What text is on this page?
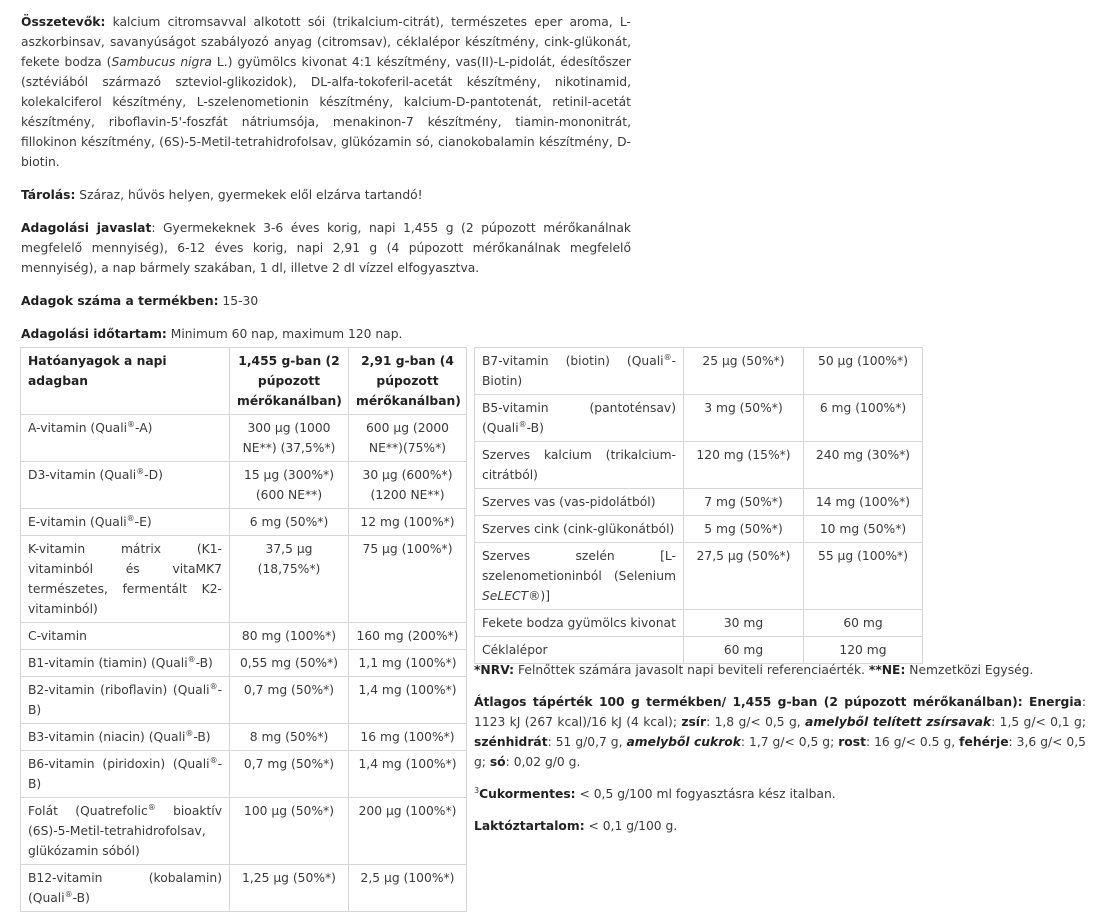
Összetevők: kalcium citromsavval alkotott sói (trikalcium-citrát), természetes eper aroma, L-aszkorbinsav, savanyúságot szabályozó anyag (citromsav), céklalépor készítmény, cink-glükonát, fekete bodza (Sambucus nigra L.) gyümölcs kivonat 4:1 készítmény, vas(II)-L-pidolát, édesítőszer (sztéviából származó szteviol-glikozidok), DL-alfa-tokoferil-acetát készítmény, nikotinamid, kolekalciferol készítmény, L-szelenometionin készítmény, kalcium-D-pantotenát, retinil-acetát készítmény, riboflavin-5'-foszfát nátriumsója, menakinon-7 készítmény, tiamin-mononitrát, fillokinon készítmény, (6S)-5-Metil-tetrahidrofolsav, glükózamin só, cianokobalamin készítmény, D-biotin.

Tárolás: Száraz, hűvös helyen, gyermekek elől elzárva tartandó!

Adagolási javaslat: Gyermekeknek 3-6 éves korig, napi 1,455 g (2 púpozott mérőkanálnak megfelelő mennyiség), 6-12 éves korig, napi 2,91 g (4 púpozott mérőkanálnak megfelelő mennyiség), a nap bármely szakában, 1 dl, illetve 2 dl vízzel elfogyasztva.

Adagok száma a termékben: 15-30

Adagolási időtartam: Minimum 60 nap, maximum 120 nap.

Hatóanyagok a napi adagban	1,455 g-ban (2 púpozott mérőkanálban)	2,91 g-ban (4 púpozott mérőkanálban)
A-vitamin (Quali®-A)	300 µg (1000 NE**) (37,5%*)	600 µg (2000 NE**)(75%*)
D3-vitamin (Quali®-D)	15 µg (300%*)(600 NE**)	30 µg (600%*) (1200 NE**)
E-vitamin (Quali®-E)	6 mg (50%*)	12 mg (100%*)
K-vitamin mátrix (K1-vitaminból és vitaMK7 természetes, fermentált K2-vitaminból)	37,5 µg (18,75%*)	75 µg (100%*)
C-vitamin	80 mg (100%*)	160 mg (200%*)
B1-vitamin (tiamin) (Quali®-B)	0,55 mg (50%*)	1,1 mg (100%*)
B2-vitamin (riboflavin) (Quali®-B)	0,7 mg (50%*)	1,4 mg (100%*)
B3-vitamin (niacin) (Quali®-B)	8 mg (50%*)	16 mg (100%*)
B6-vitamin (piridoxin) (Quali®-B)	0,7 mg (50%*)	1,4 mg (100%*)
Folát (Quatrefolic® bioaktív (6S)-5-Metil-tetrahidrofolsav, glükózamin sóból)	100 µg (50%*)	200 µg (100%*)
B12-vitamin (kobalamin) (Quali®-B)	1,25 µg (50%*)	2,5 µg (100%*)
B7-vitamin (biotin) (Quali®-Biotin)	25 µg (50%*)	50 µg (100%*)
B5-vitamin (pantoténsav) (Quali®-B)	3 mg (50%*)	6 mg (100%*)
Szerves kalcium (trikalcium-citrátból)	120 mg (15%*)	240 mg (30%*)
Szerves vas (vas-pidolátból)	7 mg (50%*)	14 mg (100%*)
Szerves cink (cink-glükonátból)	5 mg (50%*)	10 mg (50%*)
Szerves szelén [L-szelenometioninból (Selenium SeLECT®)]	27,5 µg (50%*)	55 µg (100%*)
Fekete bodza gyümölcs kivonat	30 mg	60 mg
Céklalépor	60 mg	120 mg

*NRV: Felnőttek számára javasolt napi beviteli referenciaérték. **NE: Nemzetközi Egység.

Átlagos tápérték 100 g termékben/ 1,455 g-ban (2 púpozott mérőkanálban): Energia: 1123 kJ (267 kcal)/16 kJ (4 kcal); zsír: 1,8 g/< 0,5 g, amelyből telített zsírsavak: 1,5 g/< 0,1 g; szénhidrát: 51 g/0,7 g, amelyből cukrok: 1,7 g/< 0,5 g; rost: 16 g/< 0.5 g, fehérje: 3,6 g/< 0,5 g; só: 0,02 g/0 g.

$^3$Cukormentes: < 0,5 g/100 ml fogyasztásra kész italban.

Laktóztartalom: < 0,1 g/100 g.
